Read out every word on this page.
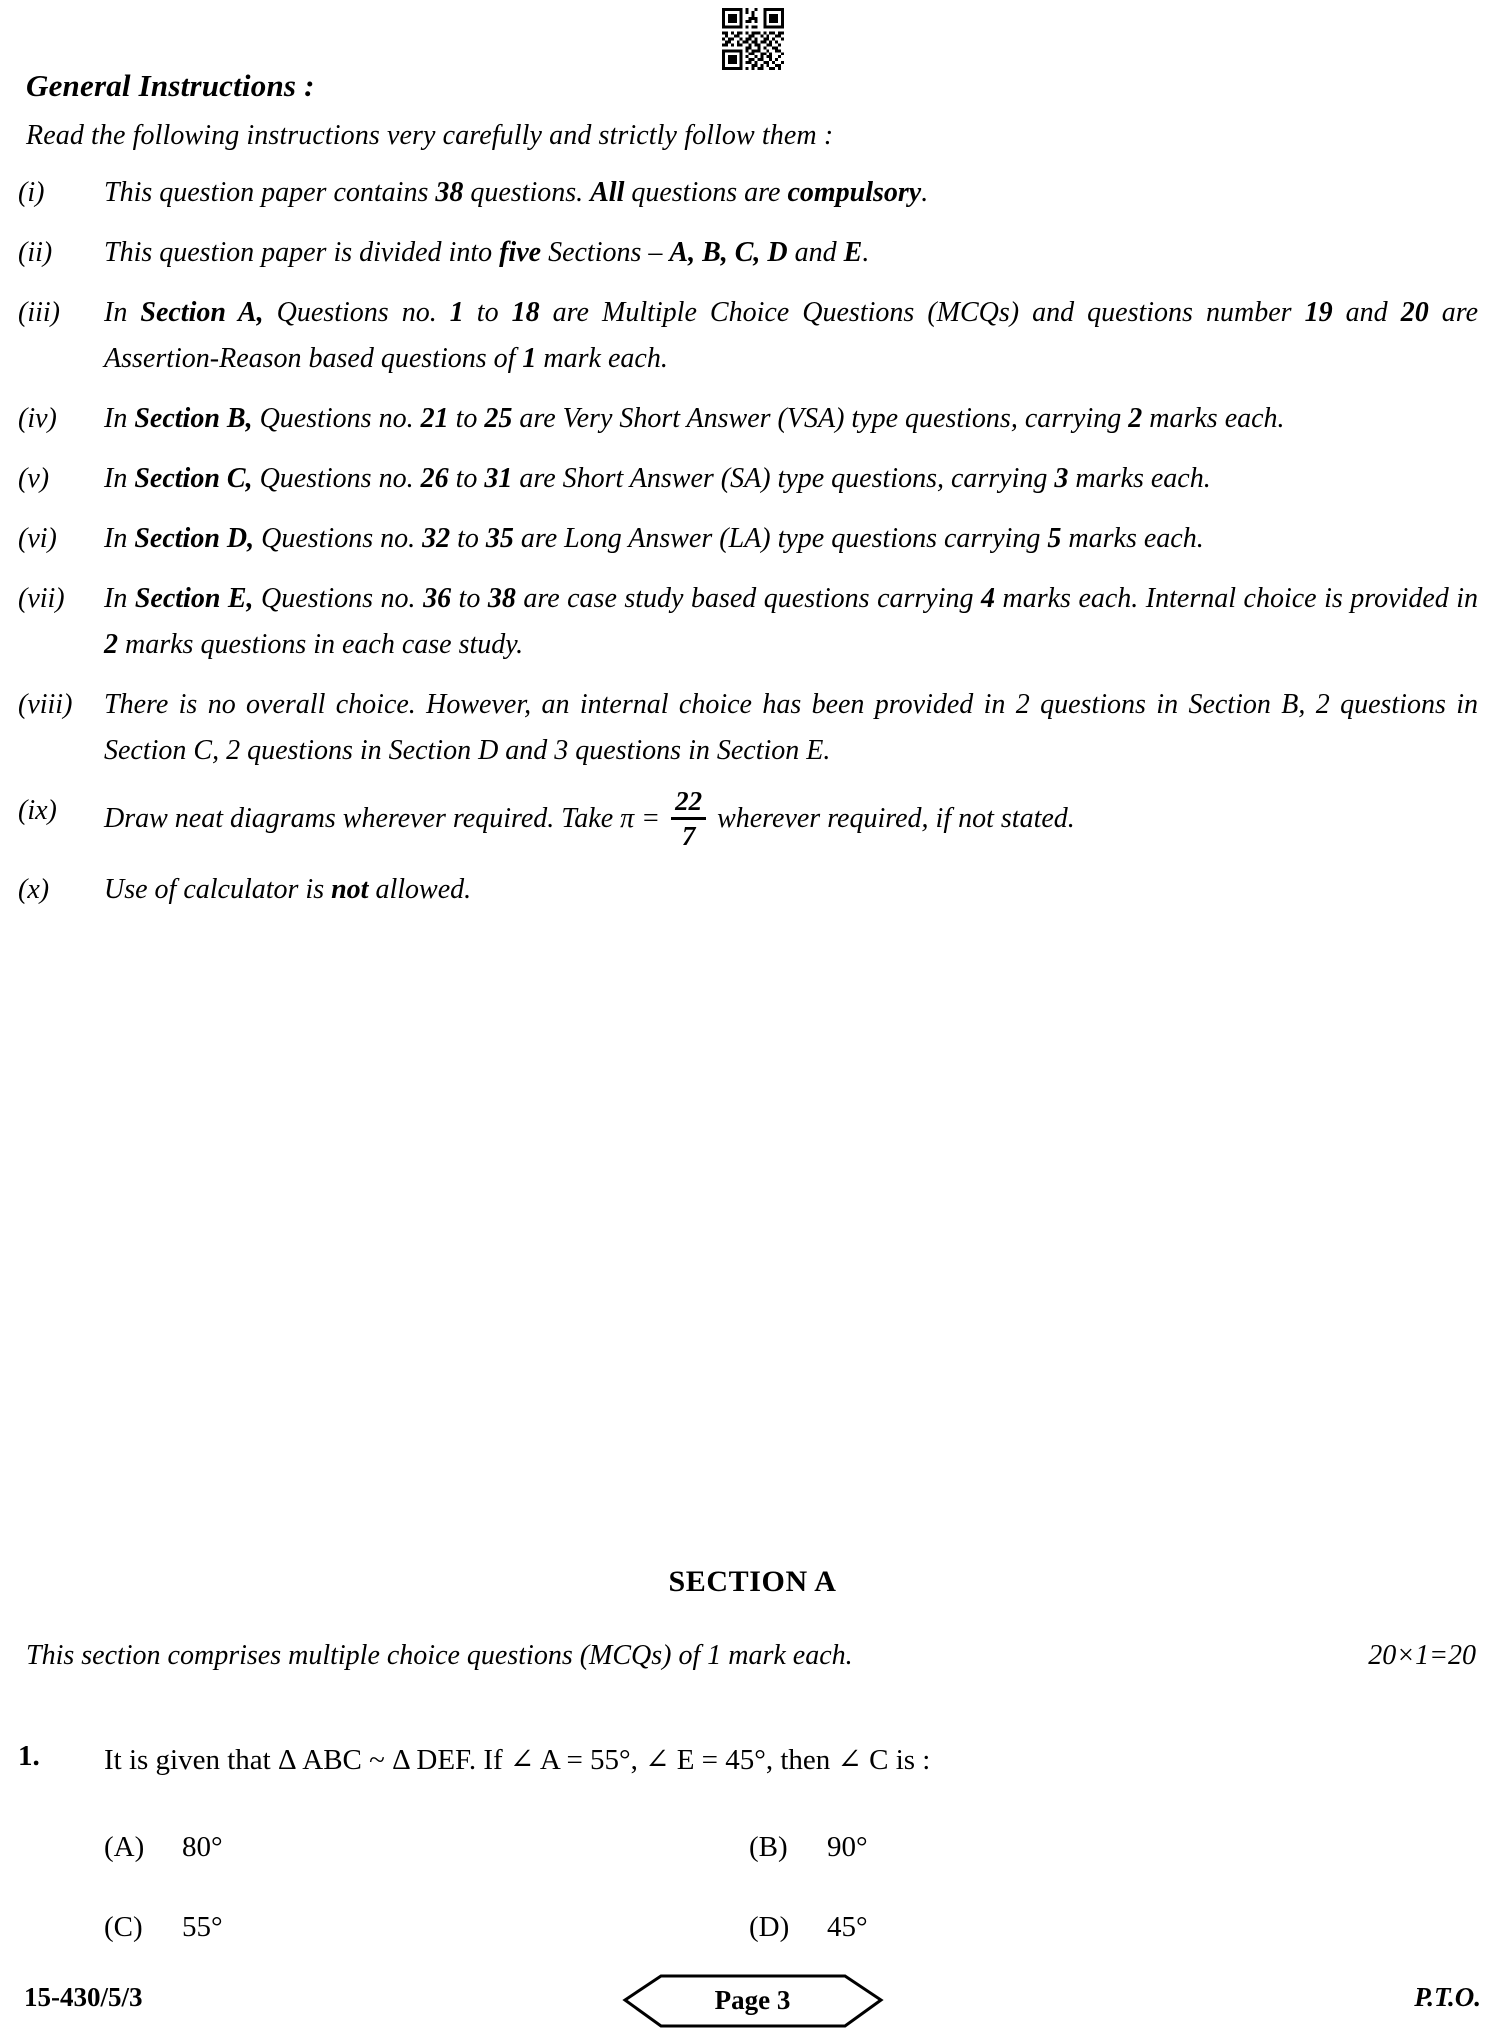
General Instructions :
Read the following instructions very carefully and strictly follow them :
(i)	This question paper contains 38 questions. All questions are compulsory.
(ii)	This question paper is divided into five Sections – A, B, C, D and E.
(iii)	In Section A, Questions no. 1 to 18 are Multiple Choice Questions (MCQs) and questions number 19 and 20 are Assertion-Reason based questions of 1 mark each.
(iv)	In Section B, Questions no. 21 to 25 are Very Short Answer (VSA) type questions, carrying 2 marks each.
(v)	In Section C, Questions no. 26 to 31 are Short Answer (SA) type questions, carrying 3 marks each.
(vi)	In Section D, Questions no. 32 to 35 are Long Answer (LA) type questions carrying 5 marks each.
(vii)	In Section E, Questions no. 36 to 38 are case study based questions carrying 4 marks each. Internal choice is provided in 2 marks questions in each case study.
(viii)	There is no overall choice. However, an internal choice has been provided in 2 questions in Section B, 2 questions in Section C, 2 questions in Section D and 3 questions in Section E.
(ix)	Draw neat diagrams wherever required. Take $\pi = \frac{22}{7}$ wherever required, if not stated.
(x)	Use of calculator is not allowed.
SECTION A
This section comprises multiple choice questions (MCQs) of 1 mark each.	20×1=20
1.	It is given that Δ ABC ~ Δ DEF. If ∠ A = 55°, ∠ E = 45°, then ∠ C is :
(A)	80°	(B)	90°
(C)	55°	(D)	45°
15-430/5/3	Page 3	P.T.O.
